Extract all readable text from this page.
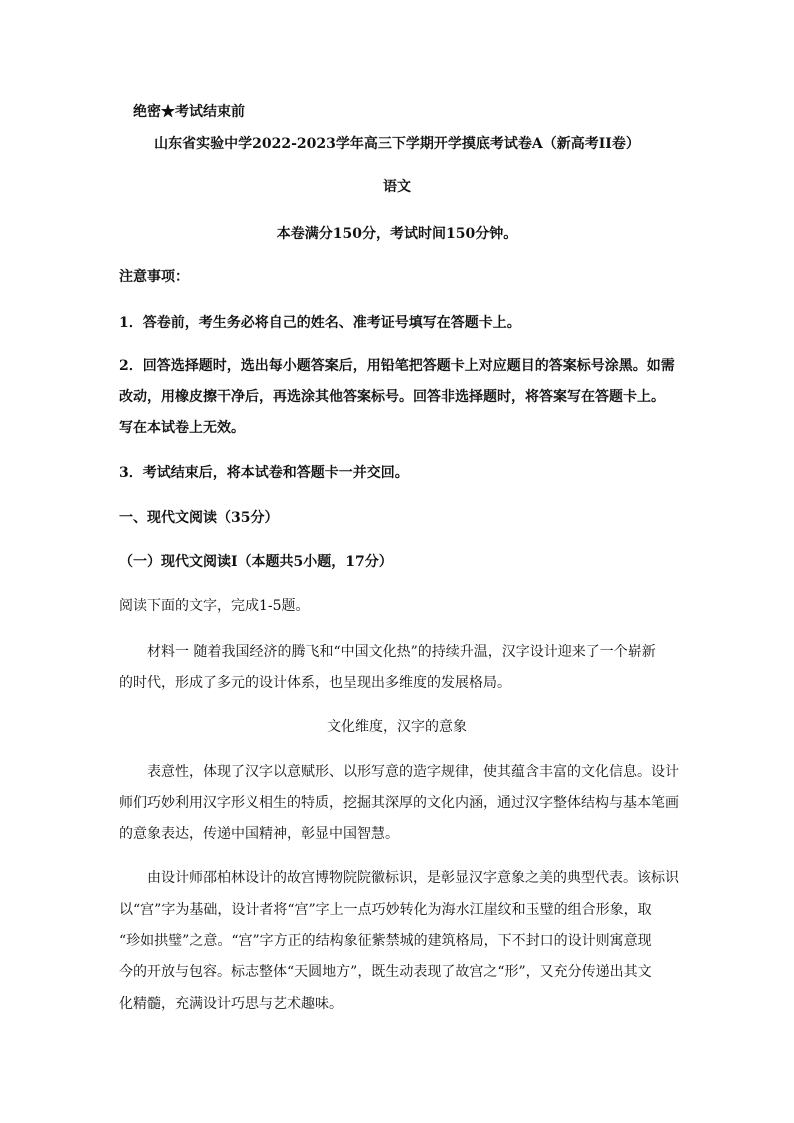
绝密★考试结束前
山东省实验中学2022-2023学年高三下学期开学摸底考试卷A（新高考II卷）
语文
本卷满分150分，考试时间150分钟。
注意事项：
1．答卷前，考生务必将自己的姓名、准考证号填写在答题卡上。
2．回答选择题时，选出每小题答案后，用铅笔把答题卡上对应题目的答案标号涂黑。如需
改动，用橡皮擦干净后，再选涂其他答案标号。回答非选择题时，将答案写在答题卡上。
写在本试卷上无效。
3．考试结束后，将本试卷和答题卡一并交回。
一、现代文阅读（35分）
（一）现代文阅读I（本题共5小题，17分）
阅读下面的文字，完成1-5题。
材料一 随着我国经济的腾飞和“中国文化热”的持续升温，汉字设计迎来了一个崭新
的时代，形成了多元的设计体系，也呈现出多维度的发展格局。
文化维度，汉字的意象
表意性，体现了汉字以意赋形、以形写意的造字规律，使其蕴含丰富的文化信息。设计
师们巧妙利用汉字形义相生的特质，挖掘其深厚的文化内涵，通过汉字整体结构与基本笔画
的意象表达，传递中国精神，彰显中国智慧。
由设计师邵柏林设计的故宫博物院院徽标识，是彰显汉字意象之美的典型代表。该标识
以“宫”字为基础，设计者将“宫”字上一点巧妙转化为海水江崖纹和玉璧的组合形象，取
“珍如拱璧”之意。“宫”字方正的结构象征紫禁城的建筑格局，下不封口的设计则寓意现
今的开放与包容。标志整体“天圆地方”，既生动表现了故宫之“形”，又充分传递出其文
化精髓，充满设计巧思与艺术趣味。
